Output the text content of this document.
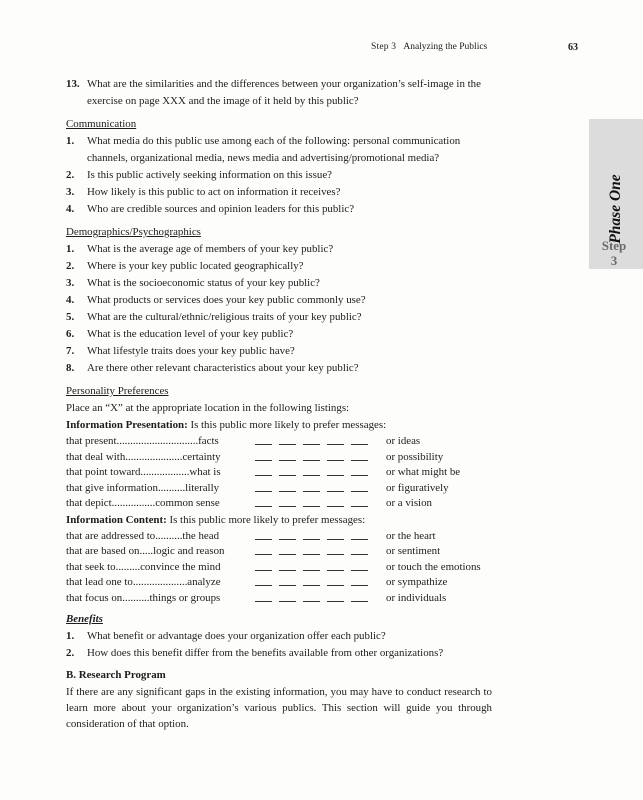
Step 3 Analyzing the Publics	63
Phase One
Step
3
13. What are the similarities and the differences between your organization’s self-image in the exercise on page XXX and the image of it held by this public?
Communication
1. What media do this public use among each of the following: personal communication channels, organizational media, news media and advertising/promotional media?
2. Is this public actively seeking information on this issue?
3. How likely is this public to act on information it receives?
4. Who are credible sources and opinion leaders for this public?
Demographics/Psychographics
1. What is the average age of members of your key public?
2. Where is your key public located geographically?
3. What is the socioeconomic status of your key public?
4. What products or services does your key public commonly use?
5. What are the cultural/ethnic/religious traits of your key public?
6. What is the education level of your key public?
7. What lifestyle traits does your key public have?
8. Are there other relevant characteristics about your key public?
Personality Preferences
Place an “X” at the appropriate location in the following listings:
Information Presentation: Is this public more likely to prefer messages:
that present..............................facts	or ideas
that deal with.....................certainty	or possibility
that point toward..................what is	or what might be
that give information..........literally	or figuratively
that depict................common sense	or a vision
Information Content: Is this public more likely to prefer messages:
that are addressed to..........the head	or the heart
that are based on.....logic and reason	or sentiment
that seek to.........convince the mind	or touch the emotions
that lead one to....................analyze	or sympathize
that focus on..........things or groups	or individuals
Benefits
1. What benefit or advantage does your organization offer each public?
2. How does this benefit differ from the benefits available from other organizations?
B. Research Program
If there are any significant gaps in the existing information, you may have to conduct research to learn more about your organization’s various publics. This section will guide you through consideration of that option.
